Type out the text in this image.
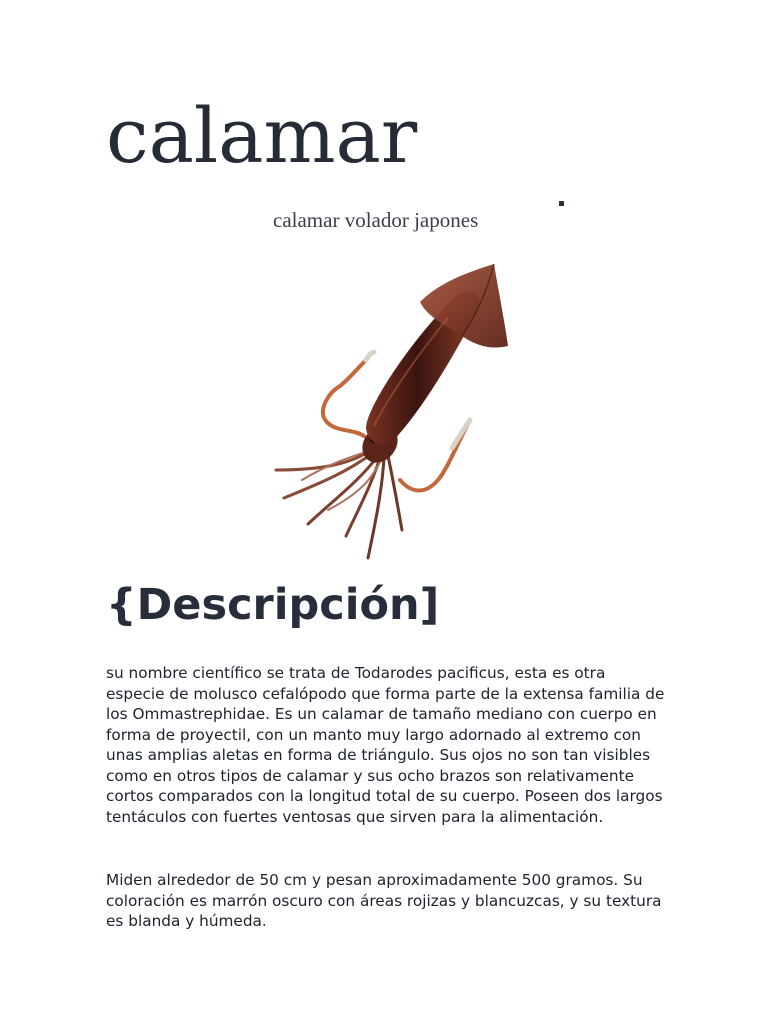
calamar

calamar volador japones

{Descripción]

su nombre científico se trata de Todarodes pacificus, esta es otra especie de molusco cefalópodo que forma parte de la extensa familia de los Ommastrephidae. Es un calamar de tamaño mediano con cuerpo en forma de proyectil, con un manto muy largo adornado al extremo con unas amplias aletas en forma de triángulo. Sus ojos no son tan visibles como en otros tipos de calamar y sus ocho brazos son relativamente cortos comparados con la longitud total de su cuerpo. Poseen dos largos tentáculos con fuertes ventosas que sirven para la alimentación.

Miden alrededor de 50 cm y pesan aproximadamente 500 gramos. Su coloración es marrón oscuro con áreas rojizas y blancuzcas, y su textura es blanda y húmeda.
